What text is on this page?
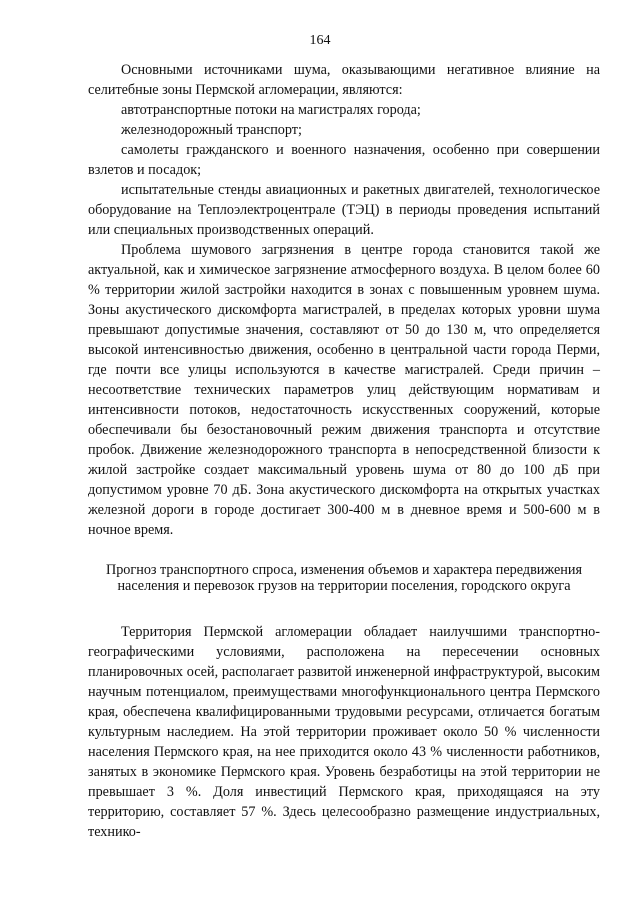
164

Основными источниками шума, оказывающими негативное влияние на селитебные зоны Пермской агломерации, являются:

автотранспортные потоки на магистралях города;

железнодорожный транспорт;

самолеты гражданского и военного назначения, особенно при совершении взлетов и посадок;

испытательные стенды авиационных и ракетных двигателей, технологическое оборудование на Теплоэлектроцентрале (ТЭЦ) в периоды проведения испытаний или специальных производственных операций.

Проблема шумового загрязнения в центре города становится такой же актуальной, как и химическое загрязнение атмосферного воздуха. В целом более 60 % территории жилой застройки находится в зонах с повышенным уровнем шума. Зоны акустического дискомфорта магистралей, в пределах которых уровни шума превышают допустимые значения, составляют от 50 до 130 м, что определяется высокой интенсивностью движения, особенно в центральной части города Перми, где почти все улицы используются в качестве магистралей. Среди причин – несоответствие технических параметров улиц действующим нормативам и интенсивности потоков, недостаточность искусственных сооружений, которые обеспечивали бы безостановочный режим движения транспорта и отсутствие пробок. Движение железнодорожного транспорта в непосредственной близости к жилой застройке создает максимальный уровень шума от 80 до 100 дБ при допустимом уровне 70 дБ. Зона акустического дискомфорта на открытых участках железной дороги в городе достигает 300-400 м в дневное время и 500-600 м в ночное время.

Прогноз транспортного спроса, изменения объемов и характера передвижения
населения и перевозок грузов на территории поселения, городского округа

Территория Пермской агломерации обладает наилучшими транспортно-географическими условиями, расположена на пересечении основных планировочных осей, располагает развитой инженерной инфраструктурой, высоким научным потенциалом, преимуществами многофункционального центра Пермского края, обеспечена квалифицированными трудовыми ресурсами, отличается богатым культурным наследием. На этой территории проживает около 50 % численности населения Пермского края, на нее приходится около 43 % численности работников, занятых в экономике Пермского края. Уровень безработицы на этой территории не превышает 3 %. Доля инвестиций Пермского края, приходящаяся на эту территорию, составляет 57 %. Здесь целесообразно размещение индустриальных, технико-
